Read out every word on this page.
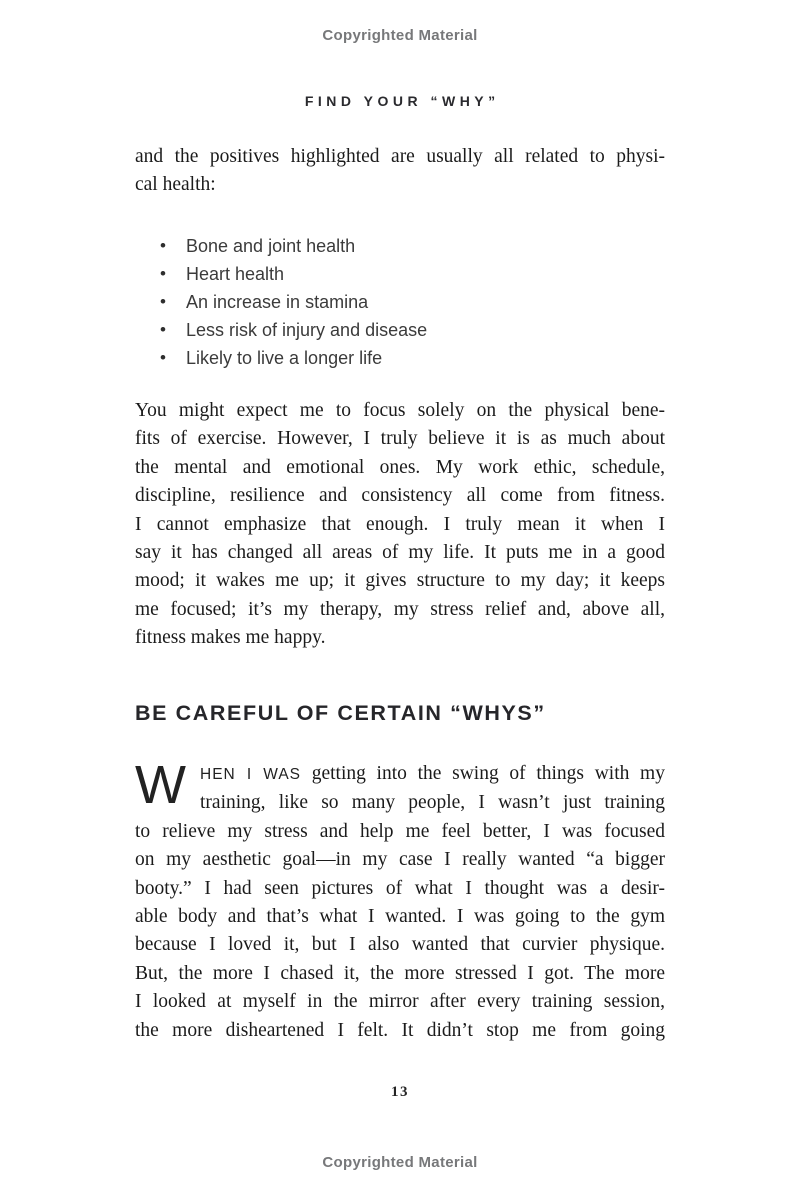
Copyrighted Material
FIND YOUR “WHY”
and the positives highlighted are usually all related to physi-
cal health:
• Bone and joint health
• Heart health
• An increase in stamina
• Less risk of injury and disease
• Likely to live a longer life
You might expect me to focus solely on the physical bene-
fits of exercise. However, I truly believe it is as much about
the mental and emotional ones. My work ethic, schedule,
discipline, resilience and consistency all come from fitness.
I cannot emphasize that enough. I truly mean it when I
say it has changed all areas of my life. It puts me in a good
mood; it wakes me up; it gives structure to my day; it keeps
me focused; it’s my therapy, my stress relief and, above all,
fitness makes me happy.
BE CAREFUL OF CERTAIN “WHYS”
W HEN I WAS getting into the swing of things with my
training, like so many people, I wasn’t just training
to relieve my stress and help me feel better, I was focused
on my aesthetic goal—in my case I really wanted “a bigger
booty.” I had seen pictures of what I thought was a desir-
able body and that’s what I wanted. I was going to the gym
because I loved it, but I also wanted that curvier physique.
But, the more I chased it, the more stressed I got. The more
I looked at myself in the mirror after every training session,
the more disheartened I felt. It didn’t stop me from going
13
Copyrighted Material
